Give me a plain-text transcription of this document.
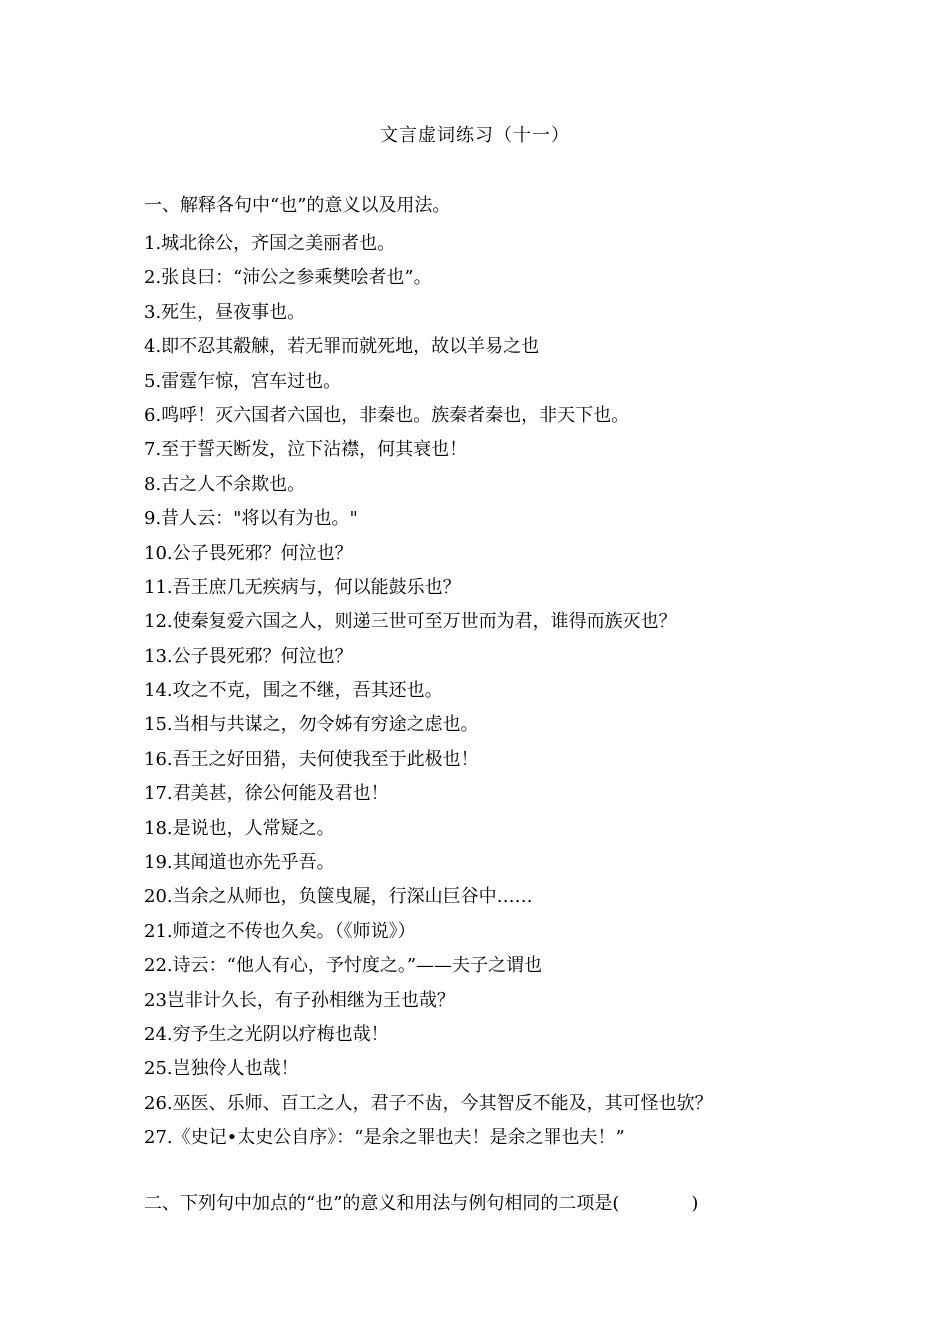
文言虚词练习（十一）
一、解释各句中“也”的意义以及用法。
1.城北徐公，齐国之美丽者也。
2.张良曰：“沛公之参乘樊哙者也”。
3.死生，昼夜事也。
4.即不忍其觳觫，若无罪而就死地，故以羊易之也
5.雷霆乍惊，宫车过也。
6.鸣呼！灭六国者六国也，非秦也。族秦者秦也，非天下也。
7.至于誓天断发，泣下沾襟，何其衰也！
8.古之人不余欺也。
9.昔人云："将以有为也。"
10.公子畏死邪？何泣也？
11.吾王庶几无疾病与，何以能鼓乐也？
12.使秦复爱六国之人，则递三世可至万世而为君，谁得而族灭也？
13.公子畏死邪？何泣也？
14.攻之不克，围之不继，吾其还也。
15.当相与共谋之，勿令姊有穷途之虑也。
16.吾王之好田猎，夫何使我至于此极也！
17.君美甚，徐公何能及君也！
18.是说也，人常疑之。
19.其闻道也亦先乎吾。
20.当余之从师也，负箧曳屣，行深山巨谷中……
21.师道之不传也久矣。（《师说》）
22.诗云：“他人有心，予忖度之。”——夫子之谓也
23岂非计久长，有子孙相继为王也哉？
24.穷予生之光阴以疗梅也哉！
25.岂独伶人也哉！
26.巫医、乐师、百工之人，君子不齿，今其智反不能及，其可怪也欤？
27.《史记•太史公自序》：“是余之罪也夫！是余之罪也夫！”
二、下列句中加点的“也”的意义和用法与例句相同的二项是(　　　　)
